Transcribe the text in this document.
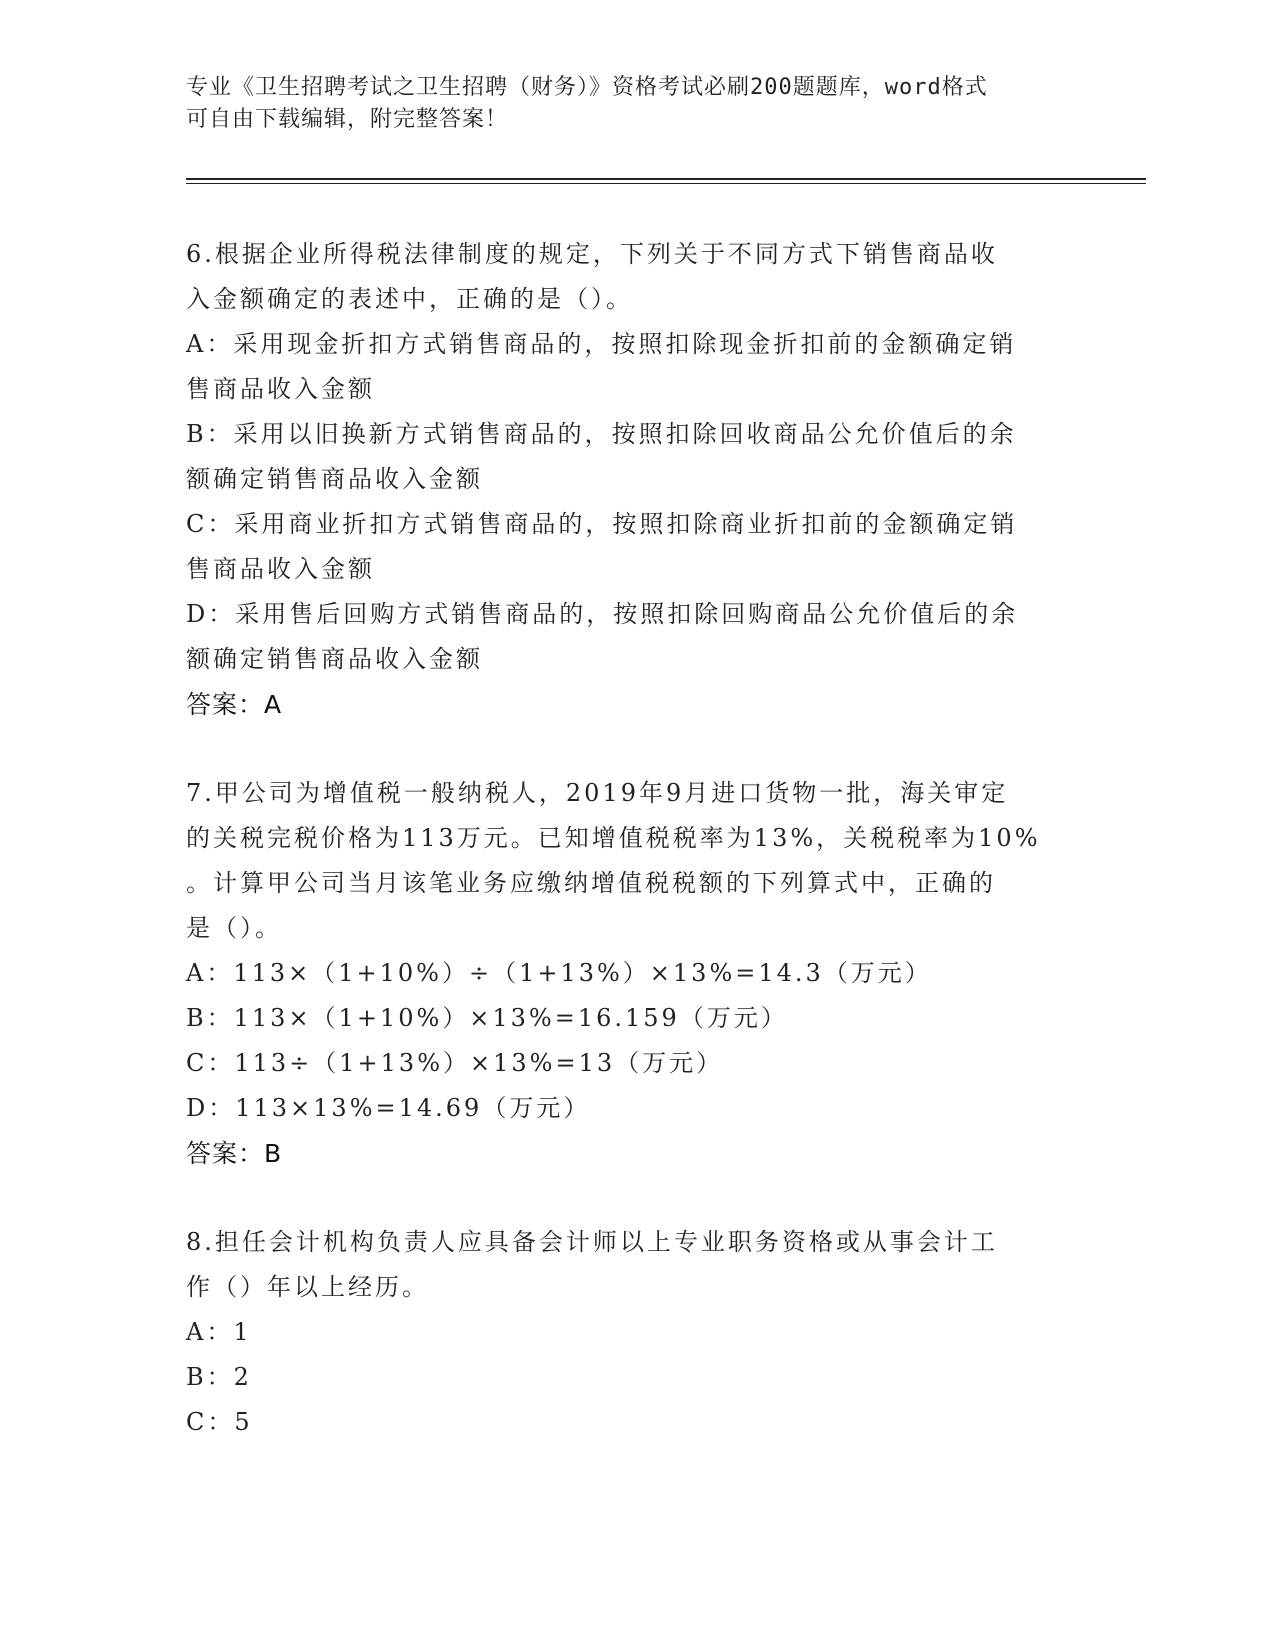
专业《卫生招聘考试之卫生招聘（财务）》资格考试必刷200题题库，word格式
可自由下载编辑，附完整答案！

6.根据企业所得税法律制度的规定，下列关于不同方式下销售商品收

入金额确定的表述中，正确的是（）。

A：采用现金折扣方式销售商品的，按照扣除现金折扣前的金额确定销

售商品收入金额

B：采用以旧换新方式销售商品的，按照扣除回收商品公允价值后的余

额确定销售商品收入金额

C：采用商业折扣方式销售商品的，按照扣除商业折扣前的金额确定销

售商品收入金额

D：采用售后回购方式销售商品的，按照扣除回购商品公允价值后的余

额确定销售商品收入金额

答案：A

7.甲公司为增值税一般纳税人，2019年9月进口货物一批，海关审定

的关税完税价格为113万元。已知增值税税率为13%，关税税率为10%

。计算甲公司当月该笔业务应缴纳增值税税额的下列算式中，正确的

是（）。

A：113×（1+10%）÷（1+13%）×13%=14.3（万元）

B：113×（1+10%）×13%=16.159（万元）

C：113÷（1+13%）×13%=13（万元）

D：113×13%=14.69（万元）

答案：B

8.担任会计机构负责人应具备会计师以上专业职务资格或从事会计工

作（）年以上经历。

A：1

B：2

C：5
